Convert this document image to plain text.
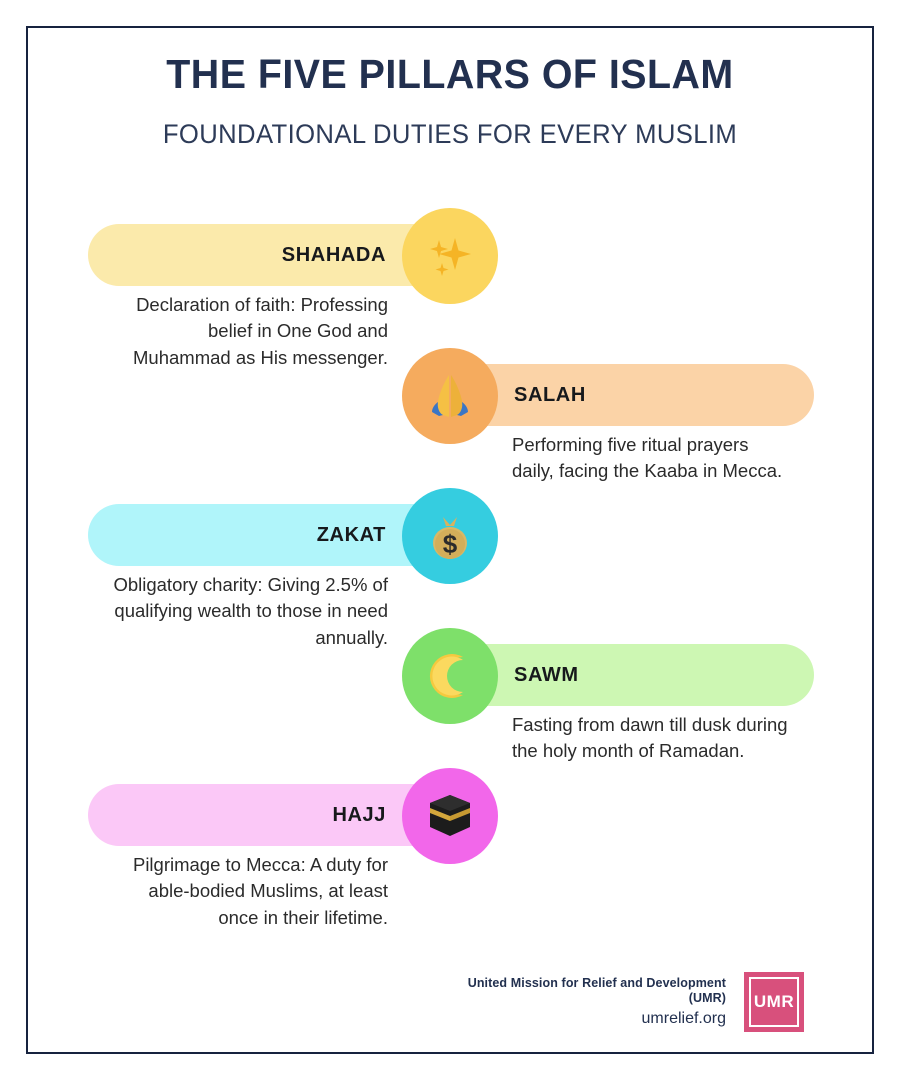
THE FIVE PILLARS OF ISLAM
FOUNDATIONAL DUTIES FOR EVERY MUSLIM
SHAHADA
Declaration of faith: Professing belief in One God and Muhammad as His messenger.
SALAH
Performing five ritual prayers daily, facing the Kaaba in Mecca.
ZAKAT $
Obligatory charity: Giving 2.5% of qualifying wealth to those in need annually.
SAWM
Fasting from dawn till dusk during the holy month of Ramadan.
HAJJ
Pilgrimage to Mecca: A duty for able-bodied Muslims, at least once in their lifetime.
United Mission for Relief and Development
(UMR)
umrelief.org
UMR
